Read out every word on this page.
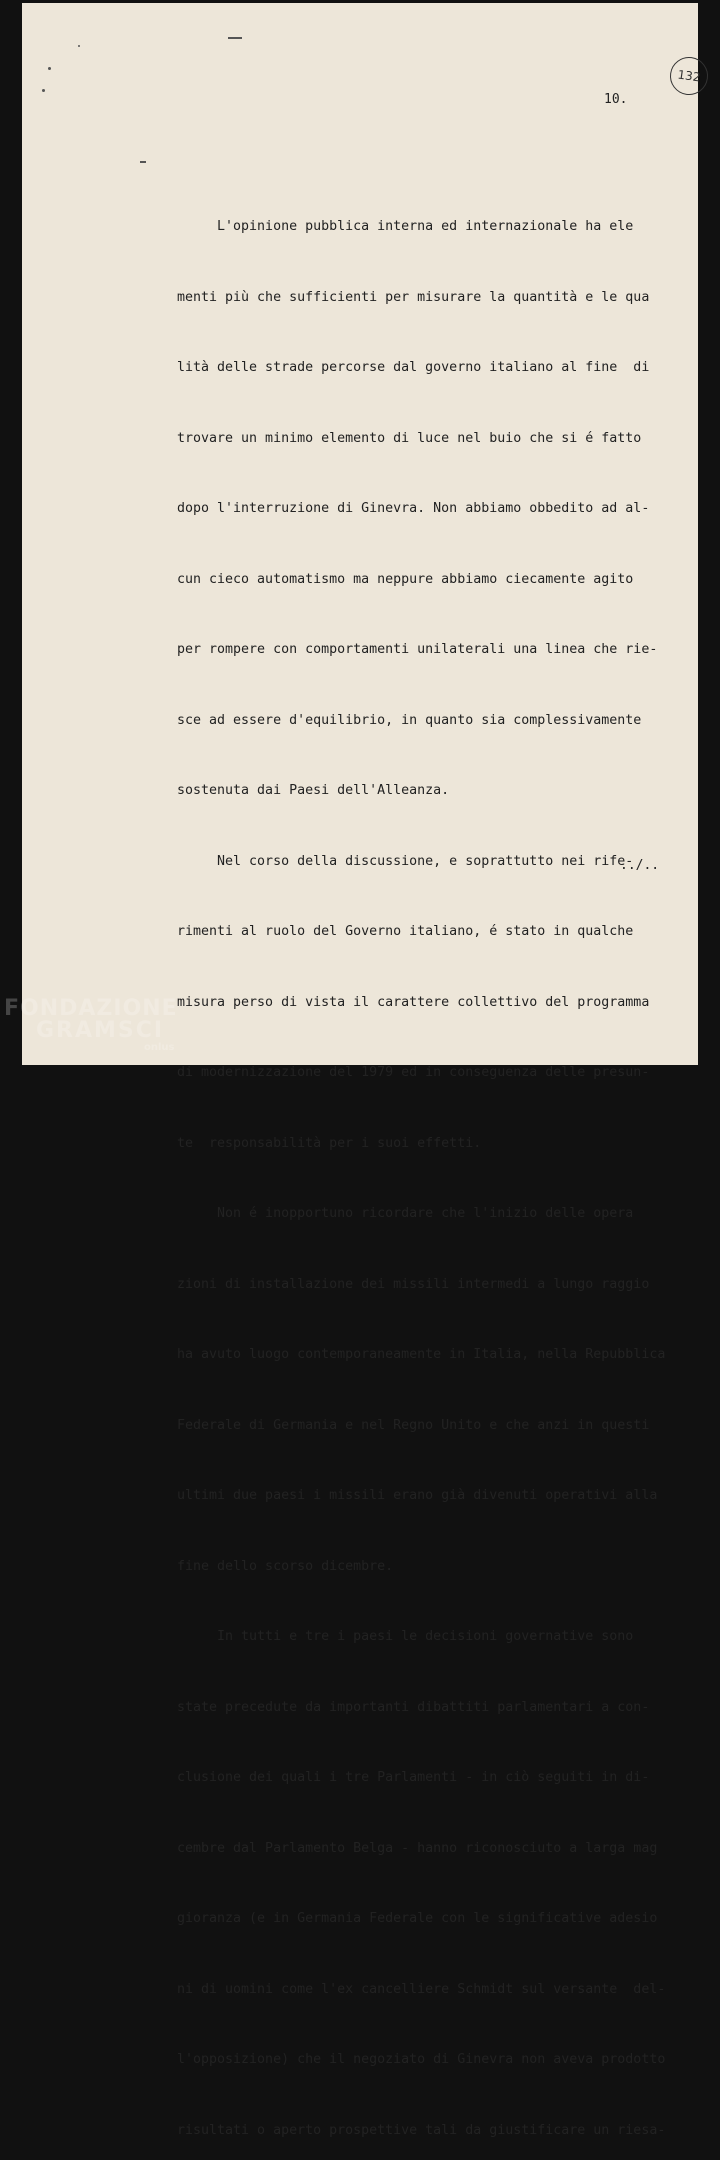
132
10.

L'opinione pubblica interna ed internazionale ha ele

menti più che sufficienti per misurare la quantità e le qua

lità delle strade percorse dal governo italiano al fine  di

trovare un minimo elemento di luce nel buio che si é fatto

dopo l'interruzione di Ginevra. Non abbiamo obbedito ad al-

cun cieco automatismo ma neppure abbiamo ciecamente agito

per rompere con comportamenti unilaterali una linea che rie-

sce ad essere d'equilibrio, in quanto sia complessivamente

sostenuta dai Paesi dell'Alleanza.

Nel corso della discussione, e soprattutto nei rife-

rimenti al ruolo del Governo italiano, é stato in qualche

misura perso di vista il carattere collettivo del programma

di modernizzazione del 1979 ed in conseguenza delle presun-

te  responsabilità per i suoi effetti.

Non é inopportuno ricordare che l'inizio delle opera

zioni di installazione dei missili intermedi a lungo raggio

ha avuto luogo contemporaneamente in Italia, nella Repubblica

Federale di Germania e nel Regno Unito e che anzi in questi

ultimi due paesi i missili erano già divenuti operativi alla

fine dello scorso dicembre.

In tutti e tre i paesi le decisioni governative sono

state precedute da importanti dibattiti parlamentari a con-

clusione dei quali i tre Parlamenti - in ciò seguiti in di-

cembre dal Parlamento Belga - hanno riconosciuto a larga mag

gioranza (e in Germania Federale con le significative adesio

ni di uomini come l'ex cancelliere Schmidt sul versante  del-

l'opposizione) che il negoziato di Ginevra non aveva prodotto

risultati o aperto prospettive tali da giustificare un riesa-

../..
FONDAZIONE
GRAMSCI
onlus
